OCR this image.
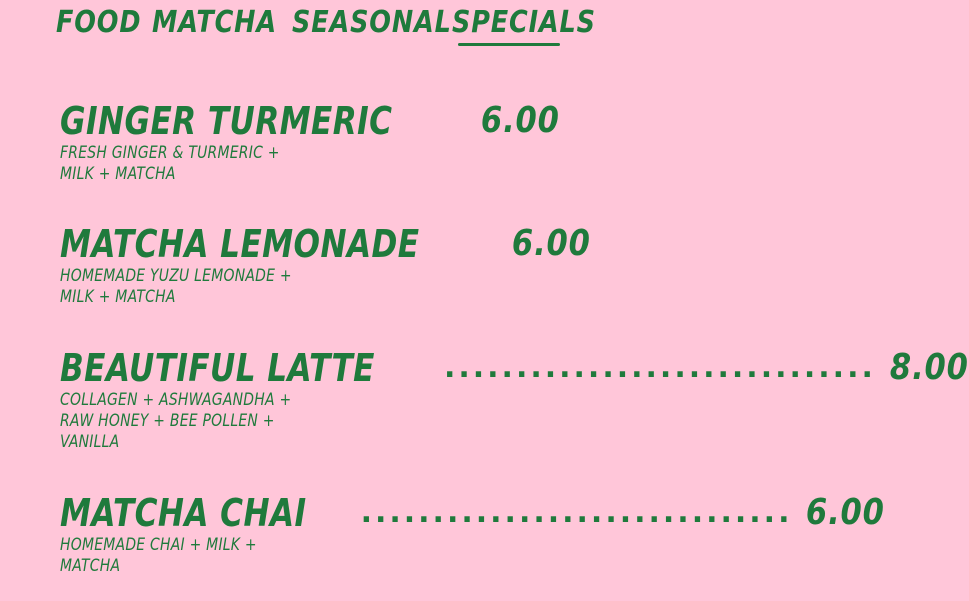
FOOD MATCHA SEASONAL SPECIALS
GINGER TURMERIC 6.00
FRESH GINGER & TURMERIC +
MILK + MATCHA
MATCHA LEMONADE	6.00
HOMEMADE YUZU LEMONADE +
MILK + MATCHA
BEAUTIFUL LATTE .............................. 8.00
COLLAGEN + ASHWAGANDHA +
RAW HONEY + BEE POLLEN +
VANILLA
MATCHA CHAI .............................. 6.00
HOMEMADE CHAI + MILK +
MATCHA
